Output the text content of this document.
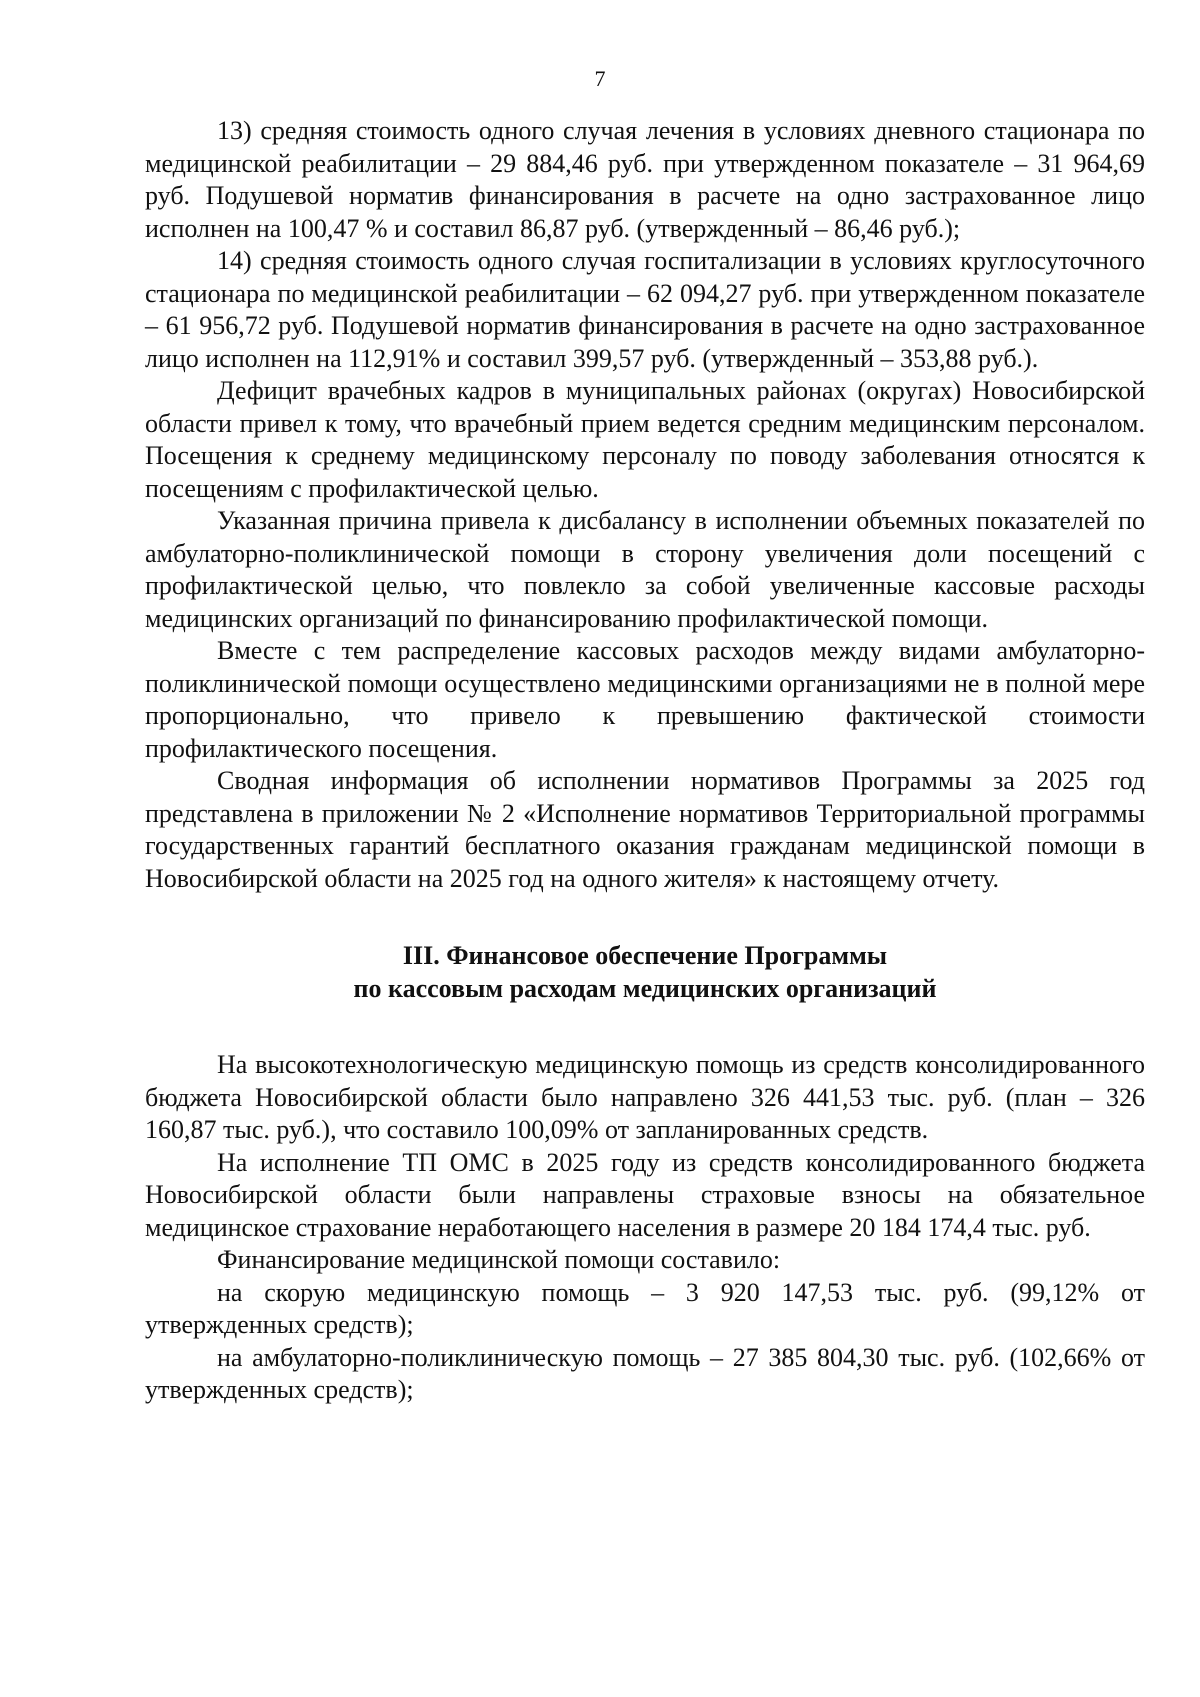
7

13) средняя стоимость одного случая лечения в условиях дневного стационара по медицинской реабилитации – 29 884,46 руб. при утвержденном показателе – 31 964,69 руб. Подушевой норматив финансирования в расчете на одно застрахованное лицо исполнен на 100,47 % и составил 86,87 руб. (утвержденный – 86,46 руб.);

14) средняя стоимость одного случая госпитализации в условиях круглосуточного стационара по медицинской реабилитации – 62 094,27 руб. при утвержденном показателе – 61 956,72 руб. Подушевой норматив финансирования в расчете на одно застрахованное лицо исполнен на 112,91% и составил 399,57 руб. (утвержденный – 353,88 руб.).

Дефицит врачебных кадров в муниципальных районах (округах) Новосибирской области привел к тому, что врачебный прием ведется средним медицинским персоналом. Посещения к среднему медицинскому персоналу по поводу заболевания относятся к посещениям с профилактической целью.

Указанная причина привела к дисбалансу в исполнении объемных показателей по амбулаторно-поликлинической помощи в сторону увеличения доли посещений с профилактической целью, что повлекло за собой увеличенные кассовые расходы медицинских организаций по финансированию профилактической помощи.

Вместе с тем распределение кассовых расходов между видами амбулаторно-поликлинической помощи осуществлено медицинскими организациями не в полной мере пропорционально, что привело к превышению фактической стоимости профилактического посещения.

Сводная информация об исполнении нормативов Программы за 2025 год представлена в приложении № 2 «Исполнение нормативов Территориальной программы государственных гарантий бесплатного оказания гражданам медицинской помощи в Новосибирской области на 2025 год на одного жителя» к настоящему отчету.

III. Финансовое обеспечение Программы
по кассовым расходам медицинских организаций

На высокотехнологическую медицинскую помощь из средств консолидированного бюджета Новосибирской области было направлено 326 441,53 тыс. руб. (план – 326 160,87 тыс. руб.), что составило 100,09% от запланированных средств.

На исполнение ТП ОМС в 2025 году из средств консолидированного бюджета Новосибирской области были направлены страховые взносы на обязательное медицинское страхование неработающего населения в размере 20 184 174,4 тыс. руб.

Финансирование медицинской помощи составило:

на скорую медицинскую помощь – 3 920 147,53 тыс. руб. (99,12% от утвержденных средств);

на амбулаторно-поликлиническую помощь – 27 385 804,30 тыс. руб. (102,66% от утвержденных средств);
